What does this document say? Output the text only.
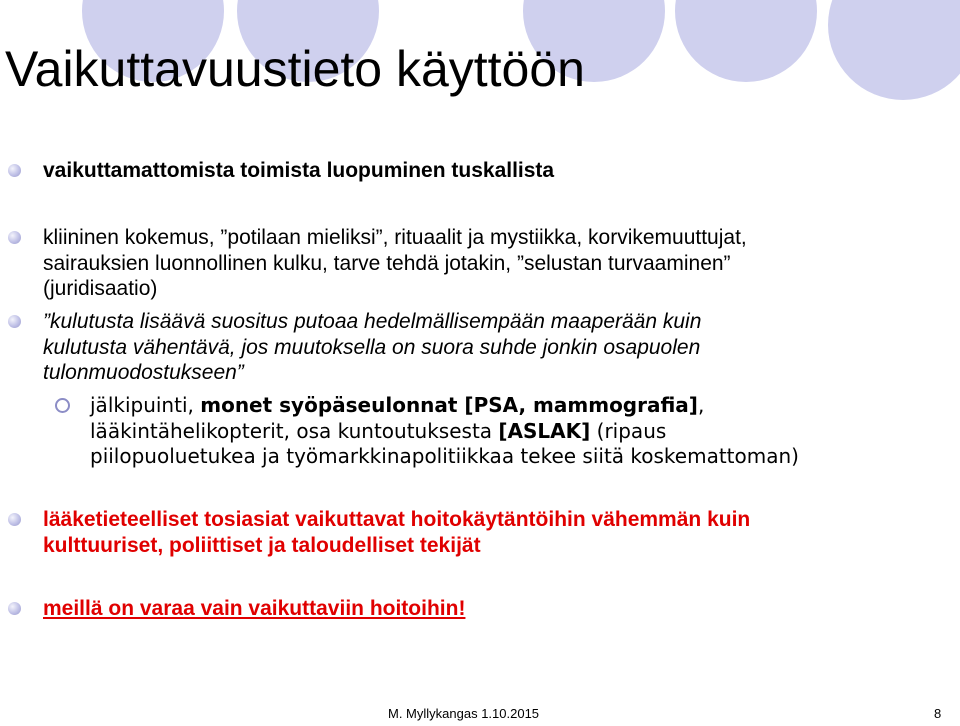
Vaikuttavuustieto käyttöön
vaikuttamattomista toimista luopuminen tuskallista
kliininen kokemus, ”potilaan mieliksi”, rituaalit ja mystiikka, korvikemuuttujat,
sairauksien luonnollinen kulku, tarve tehdä jotakin, ”selustan turvaaminen”
(juridisaatio)
”kulutusta lisäävä suositus putoaa hedelmällisempään maaperään kuin
kulutusta vähentävä, jos muutoksella on suora suhde jonkin osapuolen
tulonmuodostukseen”
jälkipuinti, monet syöpäseulonnat [PSA, mammografia],
lääkintähelikopterit, osa kuntoutuksesta [ASLAK] (ripaus
piilopuoluetukea ja työmarkkinapolitiikkaa tekee siitä koskemattoman)
lääketieteelliset tosiasiat vaikuttavat hoitokäytäntöihin vähemmän kuin
kulttuuriset, poliittiset ja taloudelliset tekijät
meillä on varaa vain vaikuttaviin hoitoihin!
M. Myllykangas 1.10.2015	8
